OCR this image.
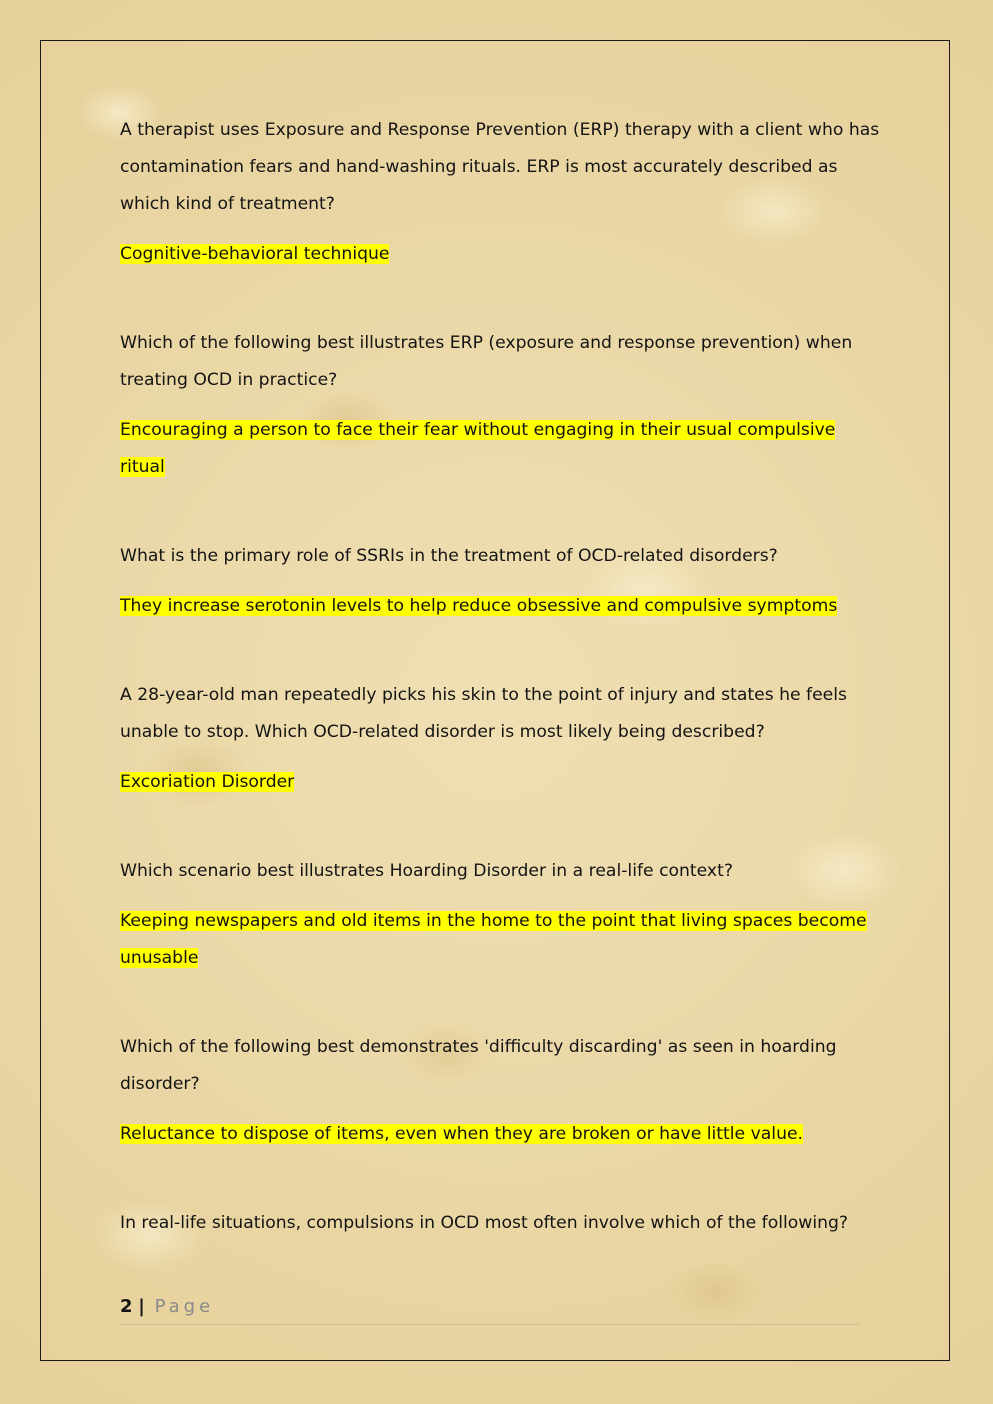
A therapist uses Exposure and Response Prevention (ERP) therapy with a client who has contamination fears and hand-washing rituals. ERP is most accurately described as which kind of treatment?

Cognitive-behavioral technique

Which of the following best illustrates ERP (exposure and response prevention) when treating OCD in practice?

Encouraging a person to face their fear without engaging in their usual compulsive ritual

What is the primary role of SSRIs in the treatment of OCD-related disorders?

They increase serotonin levels to help reduce obsessive and compulsive symptoms

A 28-year-old man repeatedly picks his skin to the point of injury and states he feels unable to stop. Which OCD-related disorder is most likely being described?

Excoriation Disorder

Which scenario best illustrates Hoarding Disorder in a real-life context?

Keeping newspapers and old items in the home to the point that living spaces become unusable

Which of the following best demonstrates 'difficulty discarding' as seen in hoarding disorder?

Reluctance to dispose of items, even when they are broken or have little value.

In real-life situations, compulsions in OCD most often involve which of the following?

2 | Page
